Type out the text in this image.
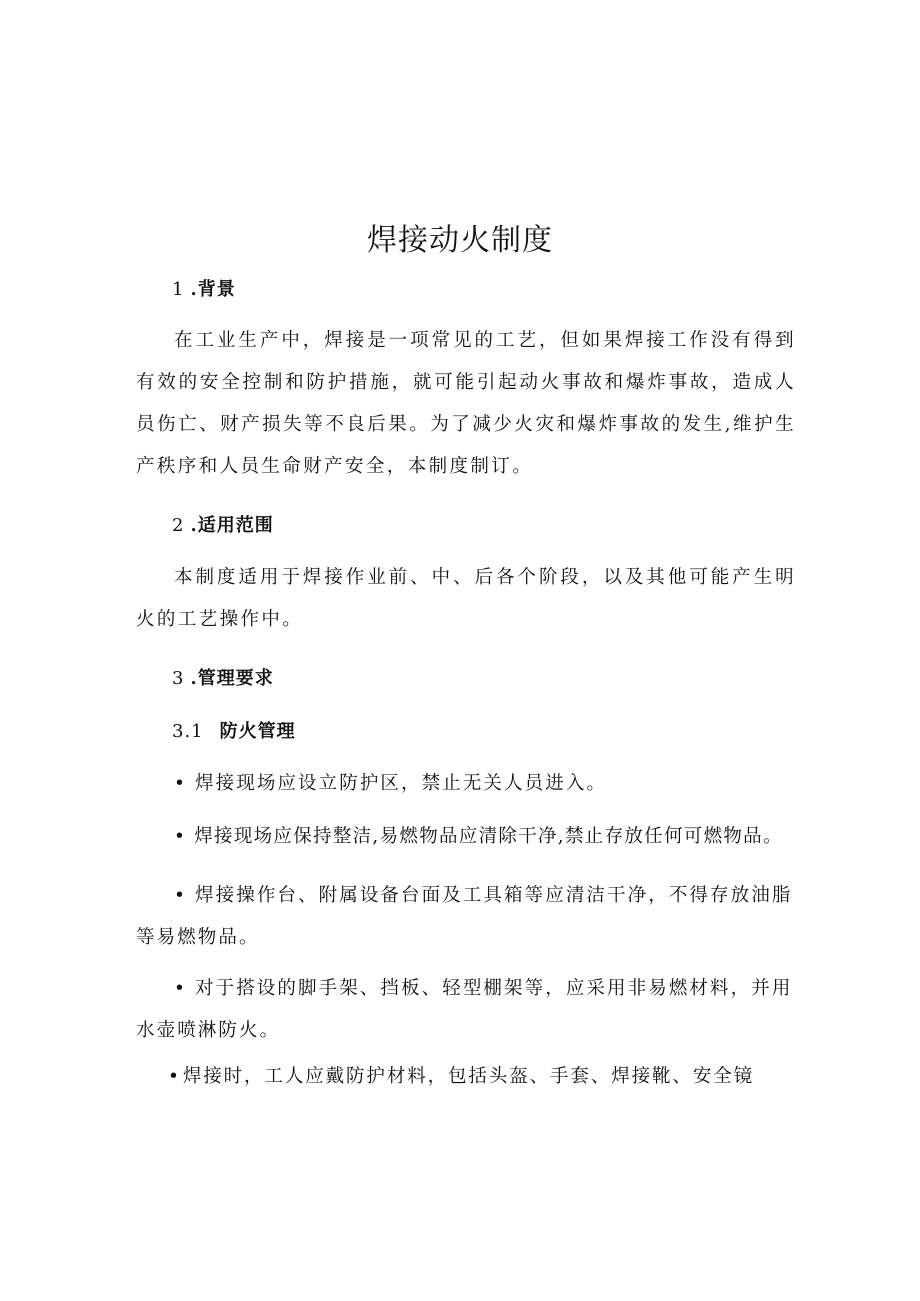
焊接动火制度
1 .背景

在工业生产中，焊接是一项常见的工艺，但如果焊接工作没有得到有效的安全控制和防护措施，就可能引起动火事故和爆炸事故，造成人员伤亡、财产损失等不良后果。为了减少火灾和爆炸事故的发生,维护生产秩序和人员生命财产安全，本制度制订。

2 .适用范围

本制度适用于焊接作业前、中、后各个阶段，以及其他可能产生明火的工艺操作中。

3 .管理要求
3.1 防火管理

• 焊接现场应设立防护区，禁止无关人员进入。

• 焊接现场应保持整洁,易燃物品应清除干净,禁止存放任何可燃物品。

• 焊接操作台、附属设备台面及工具箱等应清洁干净，不得存放油脂等易燃物品。

• 对于搭设的脚手架、挡板、轻型棚架等，应采用非易燃材料，并用水壶喷淋防火。

• 焊接时，工人应戴防护材料，包括头盔、手套、焊接靴、安全镜
